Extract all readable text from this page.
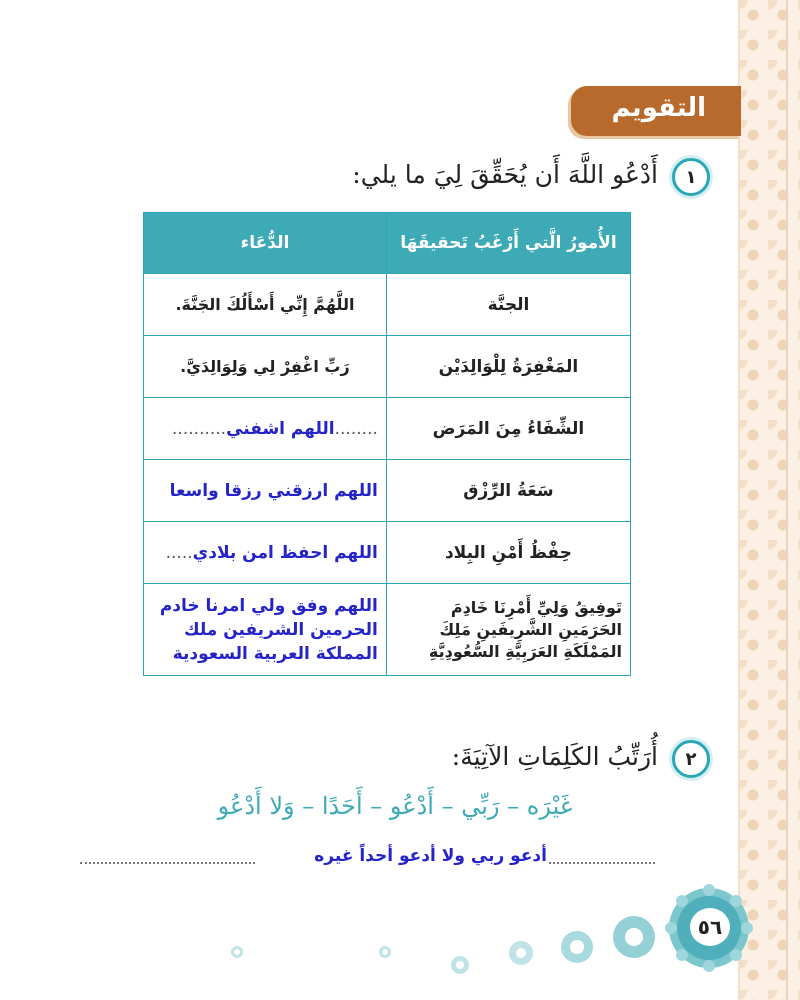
التقويم
١
أَدْعُو اللَّهَ أَن يُحَقِّقَ لِيَ ما يلي:
الأُمورُ الَّتي أَرْغَبُ تَحقيقَهَا	الدُّعَاء
الجنَّة	اللَّهُمَّ إِنِّي أَسْأَلُكَ الجَنَّةَ.
المَغْفِرَةُ لِلْوَالِدَيْن	رَبِّ اغْفِرْ لِي وَلِوَالِدَيَّ.
الشِّفَاءُ مِنَ المَرَض	........اللهم اشفني..........
سَعَةُ الرِّزْق	اللهم ارزقني رزقا واسعا
حِفْظُ أَمْنِ البِلاد	اللهم احفظ امن بلادي.....
تَوفِيقُ وَلِيِّ أَمْرِنَا خَادِمَ الحَرَمَينِ الشَّرِيفَينِ مَلِكَ المَمْلَكَةِ العَرَبِيَّةِ السُّعُودِيَّةِ	اللهم وفق ولي امرنا خادم الحرمين الشريفين ملك المملكة العربية السعودية
٢
أُرَتِّبُ الكَلِمَاتِ الآتِيَةَ:
غَيْرَه – رَبِّي – أَدْعُو – أَحَدًا – وَلا أَدْعُو
أدعو ربي ولا أدعو أحداً غيره
٥٦
